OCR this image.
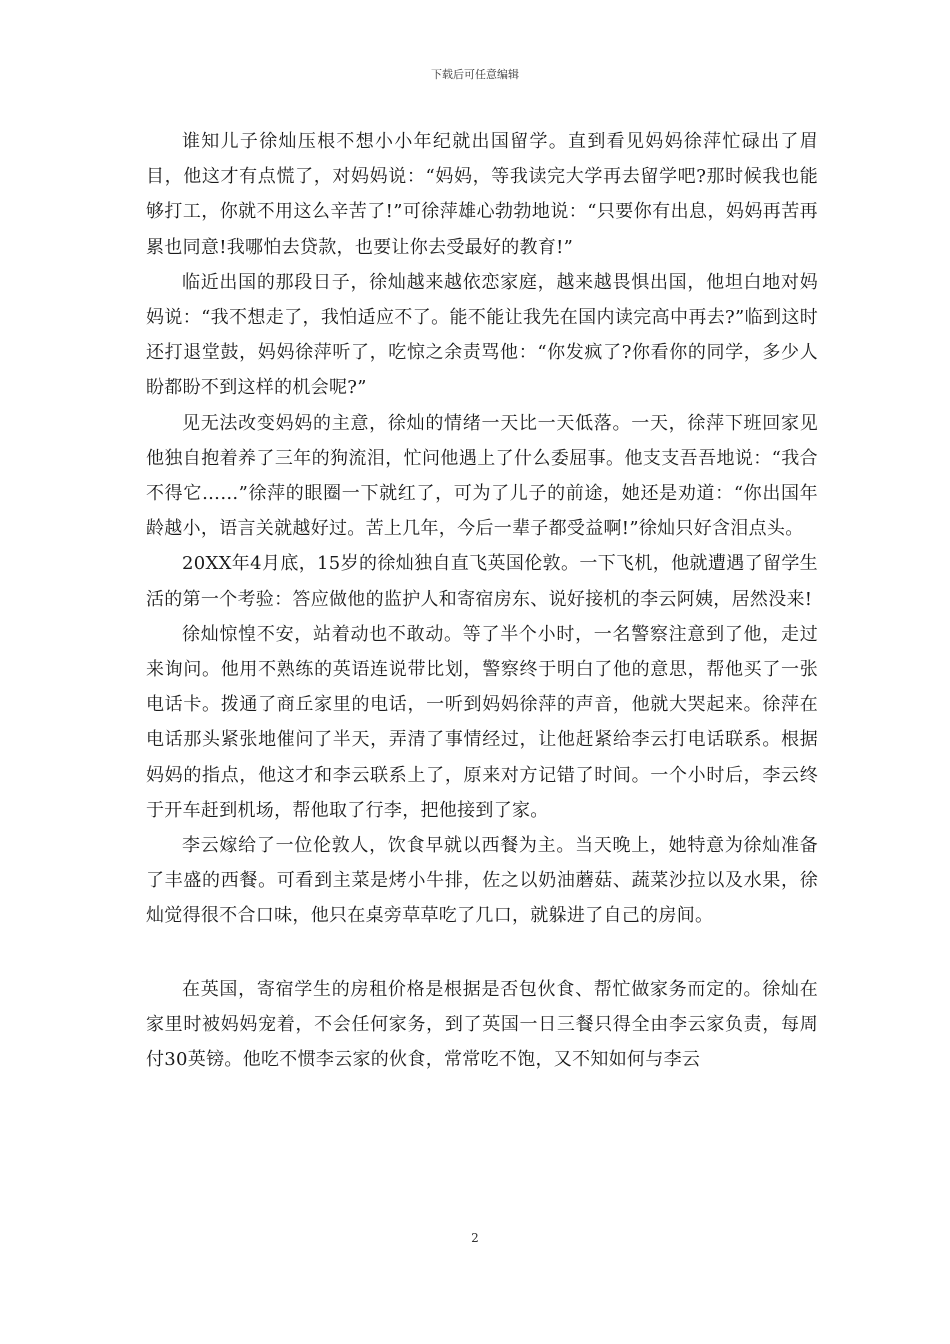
下载后可任意编辑

谁知儿子徐灿压根不想小小年纪就出国留学。直到看见妈妈徐萍忙碌出了眉目，他这才有点慌了，对妈妈说：“妈妈，等我读完大学再去留学吧?那时候我也能够打工，你就不用这么辛苦了!”可徐萍雄心勃勃地说：“只要你有出息，妈妈再苦再累也同意!我哪怕去贷款，也要让你去受最好的教育!”

临近出国的那段日子，徐灿越来越依恋家庭，越来越畏惧出国，他坦白地对妈妈说：“我不想走了，我怕适应不了。能不能让我先在国内读完高中再去?”临到这时还打退堂鼓，妈妈徐萍听了，吃惊之余责骂他：“你发疯了?你看你的同学，多少人盼都盼不到这样的机会呢?”

见无法改变妈妈的主意，徐灿的情绪一天比一天低落。一天，徐萍下班回家见他独自抱着养了三年的狗流泪，忙问他遇上了什么委屈事。他支支吾吾地说：“我合不得它……”徐萍的眼圈一下就红了，可为了儿子的前途，她还是劝道：“你出国年龄越小，语言关就越好过。苦上几年，今后一辈子都受益啊!”徐灿只好含泪点头。

20XX年4月底，15岁的徐灿独自直飞英国伦敦。一下飞机，他就遭遇了留学生活的第一个考验：答应做他的监护人和寄宿房东、说好接机的李云阿姨，居然没来!

徐灿惊惶不安，站着动也不敢动。等了半个小时，一名警察注意到了他，走过来询问。他用不熟练的英语连说带比划，警察终于明白了他的意思，帮他买了一张电话卡。拨通了商丘家里的电话，一听到妈妈徐萍的声音，他就大哭起来。徐萍在电话那头紧张地催问了半天，弄清了事情经过，让他赶紧给李云打电话联系。根据妈妈的指点，他这才和李云联系上了，原来对方记错了时间。一个小时后，李云终于开车赶到机场，帮他取了行李，把他接到了家。

李云嫁给了一位伦敦人，饮食早就以西餐为主。当天晚上，她特意为徐灿准备了丰盛的西餐。可看到主菜是烤小牛排，佐之以奶油蘑菇、蔬菜沙拉以及水果，徐灿觉得很不合口味，他只在桌旁草草吃了几口，就躲进了自己的房间。

在英国，寄宿学生的房租价格是根据是否包伙食、帮忙做家务而定的。徐灿在家里时被妈妈宠着，不会任何家务，到了英国一日三餐只得全由李云家负责，每周付30英镑。他吃不惯李云家的伙食，常常吃不饱，又不知如何与李云

2
